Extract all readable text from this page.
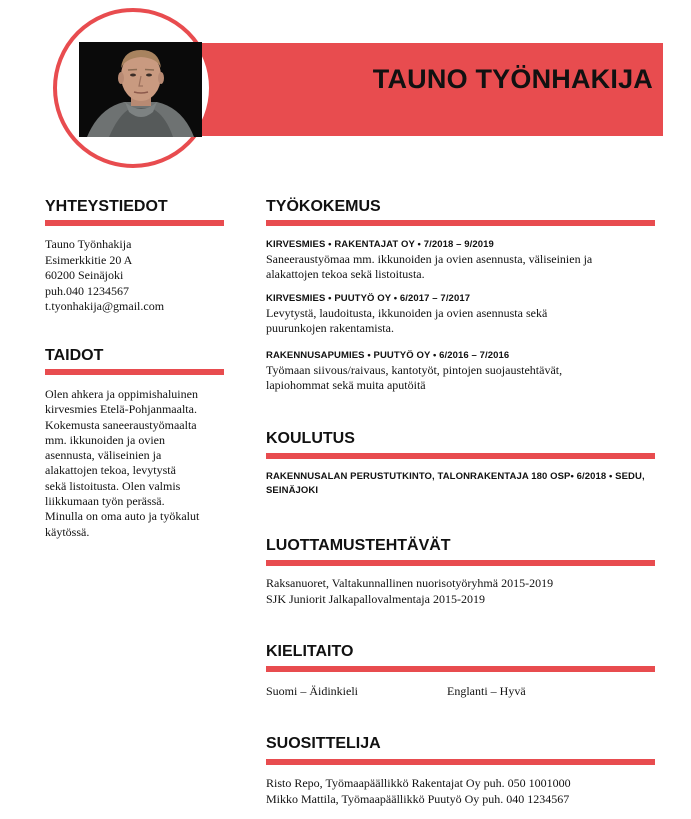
TAUNO TYÖNHAKIJA
YHTEYSTIEDOT
Tauno Työnhakija
Esimerkkitie 20 A
60200 Seinäjoki
puh.040 1234567
t.tyonhakija@gmail.com
TAIDOT
Olen ahkera ja oppimishaluinen
kirvesmies Etelä-Pohjanmaalta.
Kokemusta saneeraustyömaalta
mm. ikkunoiden ja ovien
asennusta, väliseinien ja
alakattojen tekoa, levytystä
sekä listoitusta. Olen valmis
liikkumaan työn perässä.
Minulla on oma auto ja työkalut
käytössä.
TYÖKOKEMUS

KIRVESMIES • RAKENTAJAT OY • 7/2018 – 9/2019

Saneeraustyömaa mm. ikkunoiden ja ovien asennusta, väliseinien ja

alakattojen tekoa sekä listoitusta.

KIRVESMIES • PUUTYÖ OY • 6/2017 – 7/2017

Levytystä, laudoitusta, ikkunoiden ja ovien asennusta sekä

puurunkojen rakentamista.

RAKENNUSAPUMIES • PUUTYÖ OY • 6/2016 – 7/2016

Työmaan siivous/raivaus, kantotyöt, pintojen suojaustehtävät,

lapiohommat sekä muita aputöitä

KOULUTUS

RAKENNUSALAN PERUSTUTKINTO, TALONRAKENTAJA 180 OSP• 6/2018 • SEDU,

SEINÄJOKI

LUOTTAMUSTEHTÄVÄT
Raksanuoret, Valtakunnallinen nuorisotyöryhmä 2015-2019
SJK Juniorit Jalkapallovalmentaja 2015-2019
KIELITAITO
Suomi – Äidinkieli	Englanti – Hyvä
SUOSITTELIJA
Risto Repo, Työmaapäällikkö Rakentajat Oy puh. 050 1001000
Mikko Mattila, Työmaapäällikkö Puutyö Oy puh. 040 1234567
